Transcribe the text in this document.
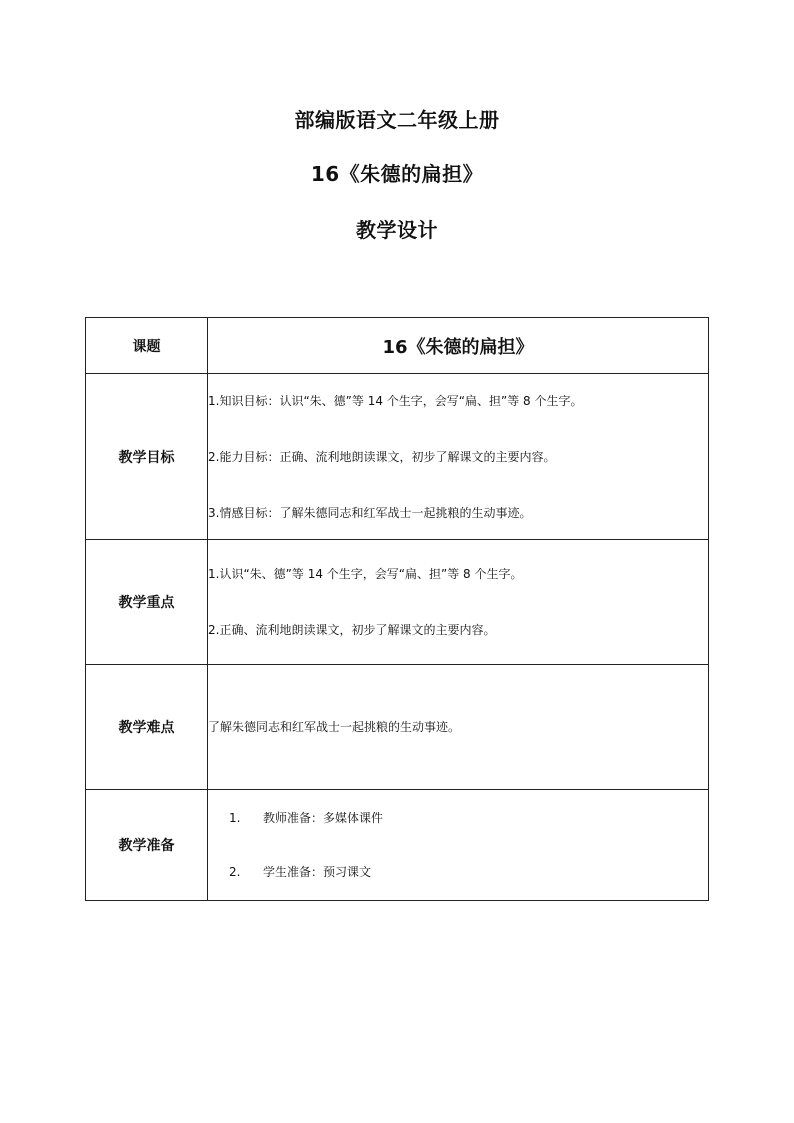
部编版语文二年级上册
16《朱德的扁担》
教学设计
课题	16《朱德的扁担》
教学目标	1.知识目标：认识“朱、德”等 14 个生字，会写“扁、担”等 8 个生字。
2.能力目标：正确、流利地朗读课文，初步了解课文的主要内容。
3.情感目标：了解朱德同志和红军战士一起挑粮的生动事迹。

教学重点	1.认识“朱、德”等 14 个生字，会写“扁、担”等 8 个生字。
2.正确、流利地朗读课文，初步了解课文的主要内容。

教学难点	了解朱德同志和红军战士一起挑粮的生动事迹。

教学准备	1. 教师准备：多媒体课件
2. 学生准备：预习课文
